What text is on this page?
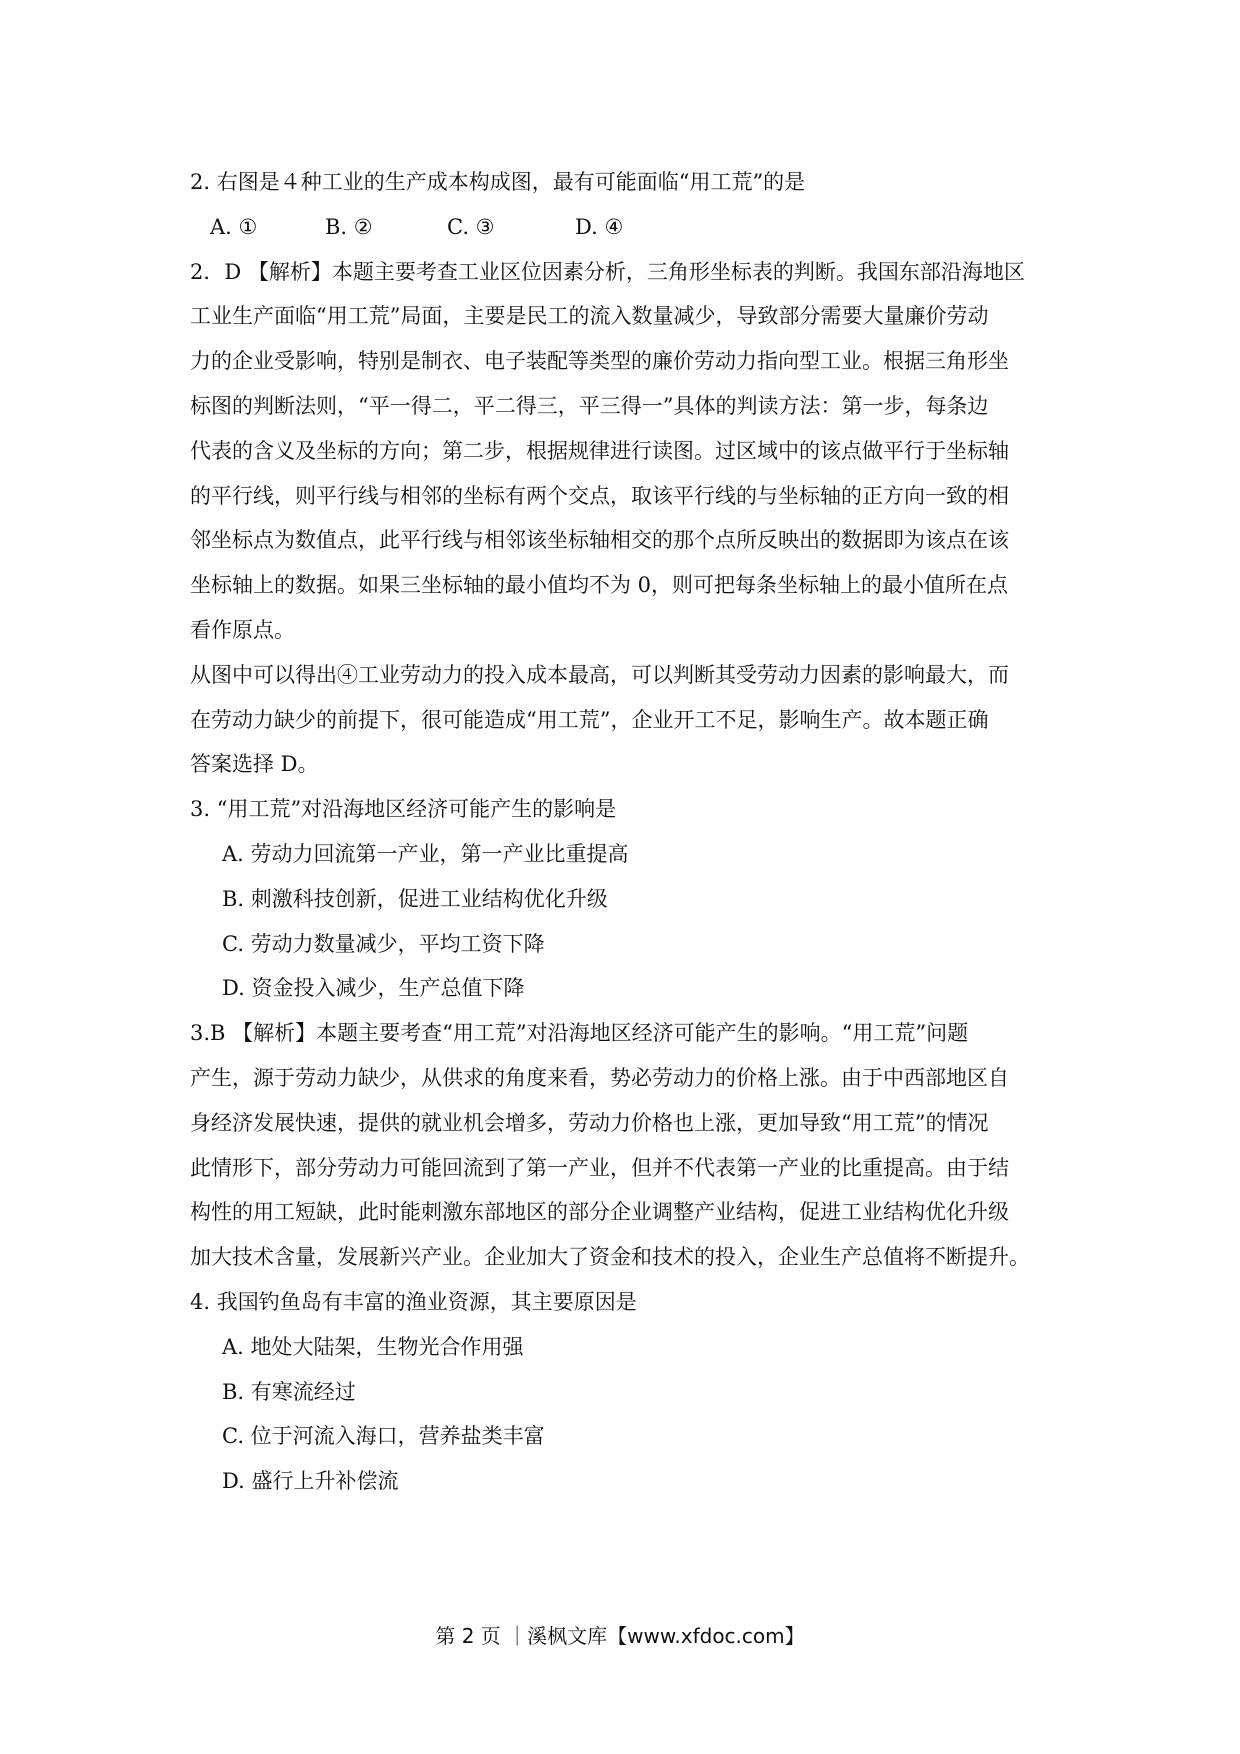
2. 右图是４种工业的生产成本构成图，最有可能面临“用工荒”的是
A. ①	B. ②	C. ③	D. ④
2．D 【解析】本题主要考查工业区位因素分析，三角形坐标表的判断。我国东部沿海地区
工业生产面临“用工荒”局面，主要是民工的流入数量减少，导致部分需要大量廉价劳动
力的企业受影响，特别是制衣、电子装配等类型的廉价劳动力指向型工业。根据三角形坐
标图的判断法则，“平一得二，平二得三，平三得一”具体的判读方法：第一步，每条边
代表的含义及坐标的方向；第二步，根据规律进行读图。过区域中的该点做平行于坐标轴
的平行线，则平行线与相邻的坐标有两个交点，取该平行线的与坐标轴的正方向一致的相
邻坐标点为数值点，此平行线与相邻该坐标轴相交的那个点所反映出的数据即为该点在该
坐标轴上的数据。如果三坐标轴的最小值均不为 0，则可把每条坐标轴上的最小值所在点
看作原点。
从图中可以得出④工业劳动力的投入成本最高，可以判断其受劳动力因素的影响最大，而
在劳动力缺少的前提下，很可能造成“用工荒”，企业开工不足，影响生产。故本题正确
答案选择 D。
3. “用工荒”对沿海地区经济可能产生的影响是
A. 劳动力回流第一产业，第一产业比重提高
B. 刺激科技创新，促进工业结构优化升级
C. 劳动力数量减少，平均工资下降
D. 资金投入减少，生产总值下降
3.B 【解析】本题主要考查“用工荒”对沿海地区经济可能产生的影响。“用工荒”问题
产生，源于劳动力缺少，从供求的角度来看，势必劳动力的价格上涨。由于中西部地区自
身经济发展快速，提供的就业机会增多，劳动力价格也上涨，更加导致“用工荒”的情况
此情形下，部分劳动力可能回流到了第一产业，但并不代表第一产业的比重提高。由于结
构性的用工短缺，此时能刺激东部地区的部分企业调整产业结构，促进工业结构优化升级
加大技术含量，发展新兴产业。企业加大了资金和技术的投入，企业生产总值将不断提升。
4. 我国钓鱼岛有丰富的渔业资源，其主要原因是
A. 地处大陆架，生物光合作用强
B. 有寒流经过
C. 位于河流入海口，营养盐类丰富
D. 盛行上升补偿流
第 2 页 ｜溪枫文库【www.xfdoc.com】
